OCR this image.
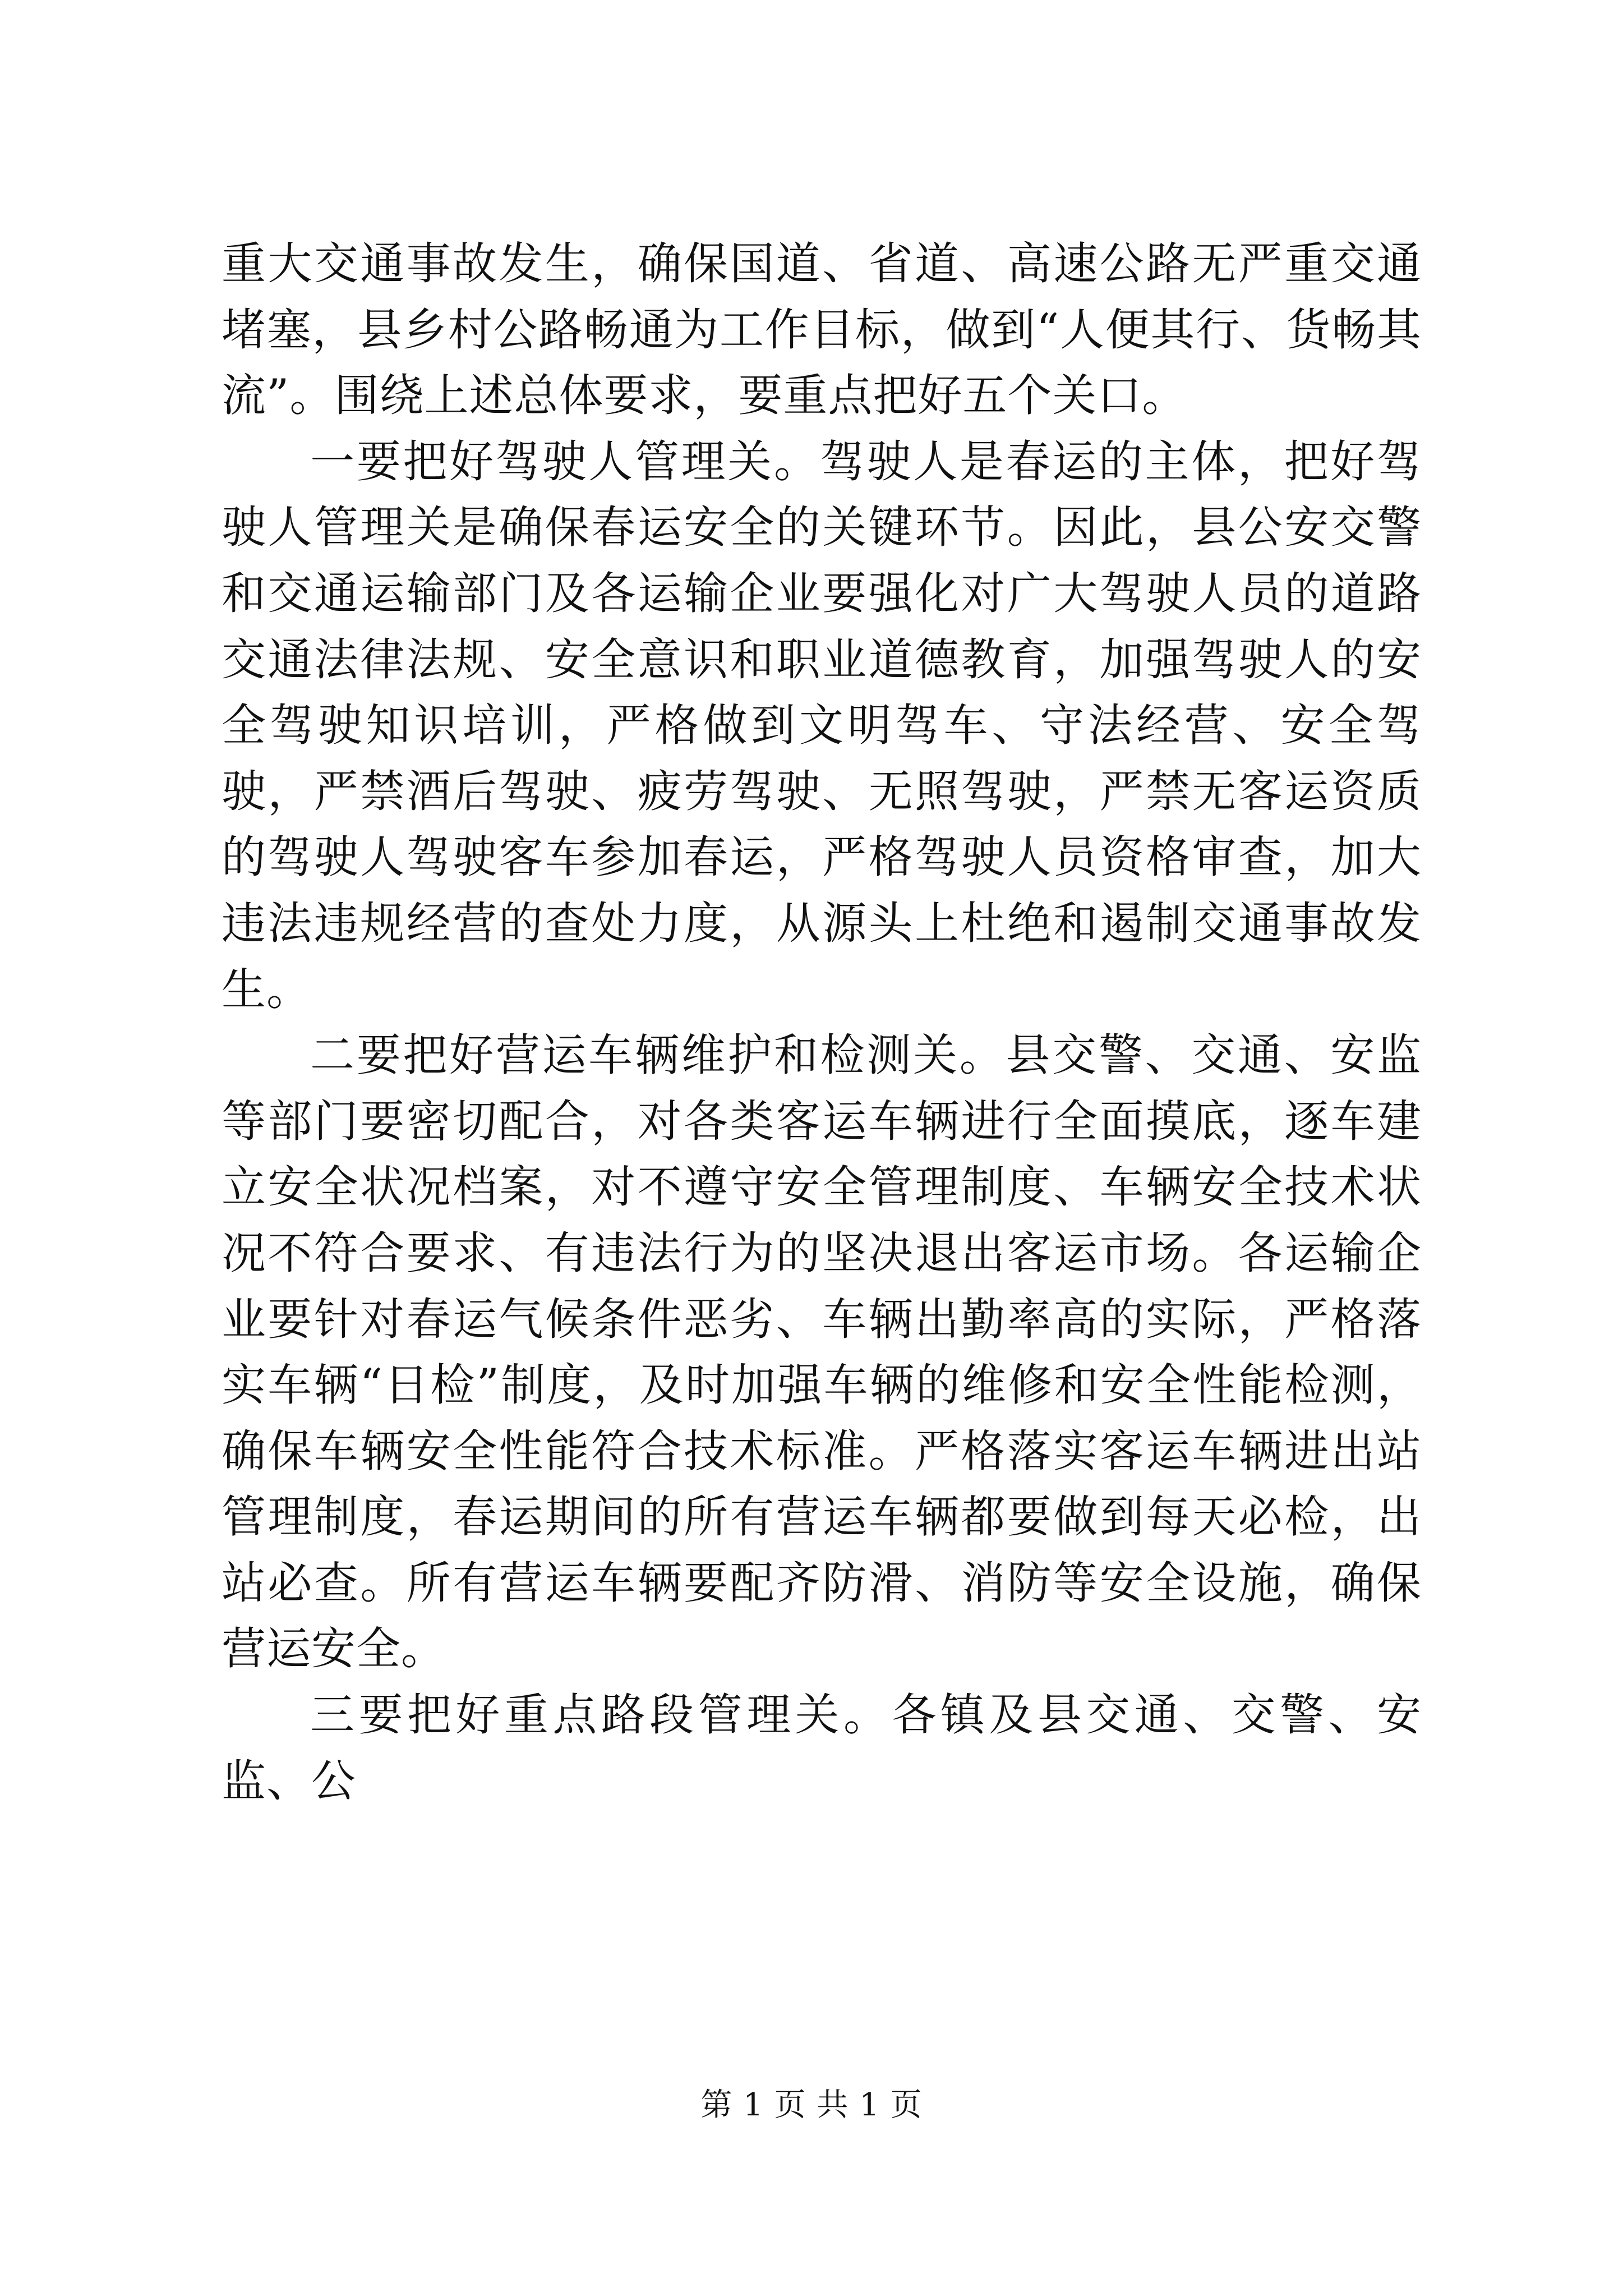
重大交通事故发生，确保国道、省道、高速公路无严重交通堵塞，县乡村公路畅通为工作目标，做到“人便其行、货畅其流”。围绕上述总体要求，要重点把好五个关口。

一要把好驾驶人管理关。驾驶人是春运的主体，把好驾驶人管理关是确保春运安全的关键环节。因此，县公安交警和交通运输部门及各运输企业要强化对广大驾驶人员的道路交通法律法规、安全意识和职业道德教育，加强驾驶人的安全驾驶知识培训，严格做到文明驾车、守法经营、安全驾驶，严禁酒后驾驶、疲劳驾驶、无照驾驶，严禁无客运资质的驾驶人驾驶客车参加春运，严格驾驶人员资格审查，加大违法违规经营的查处力度，从源头上杜绝和遏制交通事故发生。

二要把好营运车辆维护和检测关。县交警、交通、安监等部门要密切配合，对各类客运车辆进行全面摸底，逐车建立安全状况档案，对不遵守安全管理制度、车辆安全技术状况不符合要求、有违法行为的坚决退出客运市场。各运输企业要针对春运气候条件恶劣、车辆出勤率高的实际，严格落实车辆“日检”制度，及时加强车辆的维修和安全性能检测，确保车辆安全性能符合技术标准。严格落实客运车辆进出站管理制度，春运期间的所有营运车辆都要做到每天必检，出站必查。所有营运车辆要配齐防滑、消防等安全设施，确保营运安全。

三要把好重点路段管理关。各镇及县交通、交警、安监、公

第 1 页 共 1 页
